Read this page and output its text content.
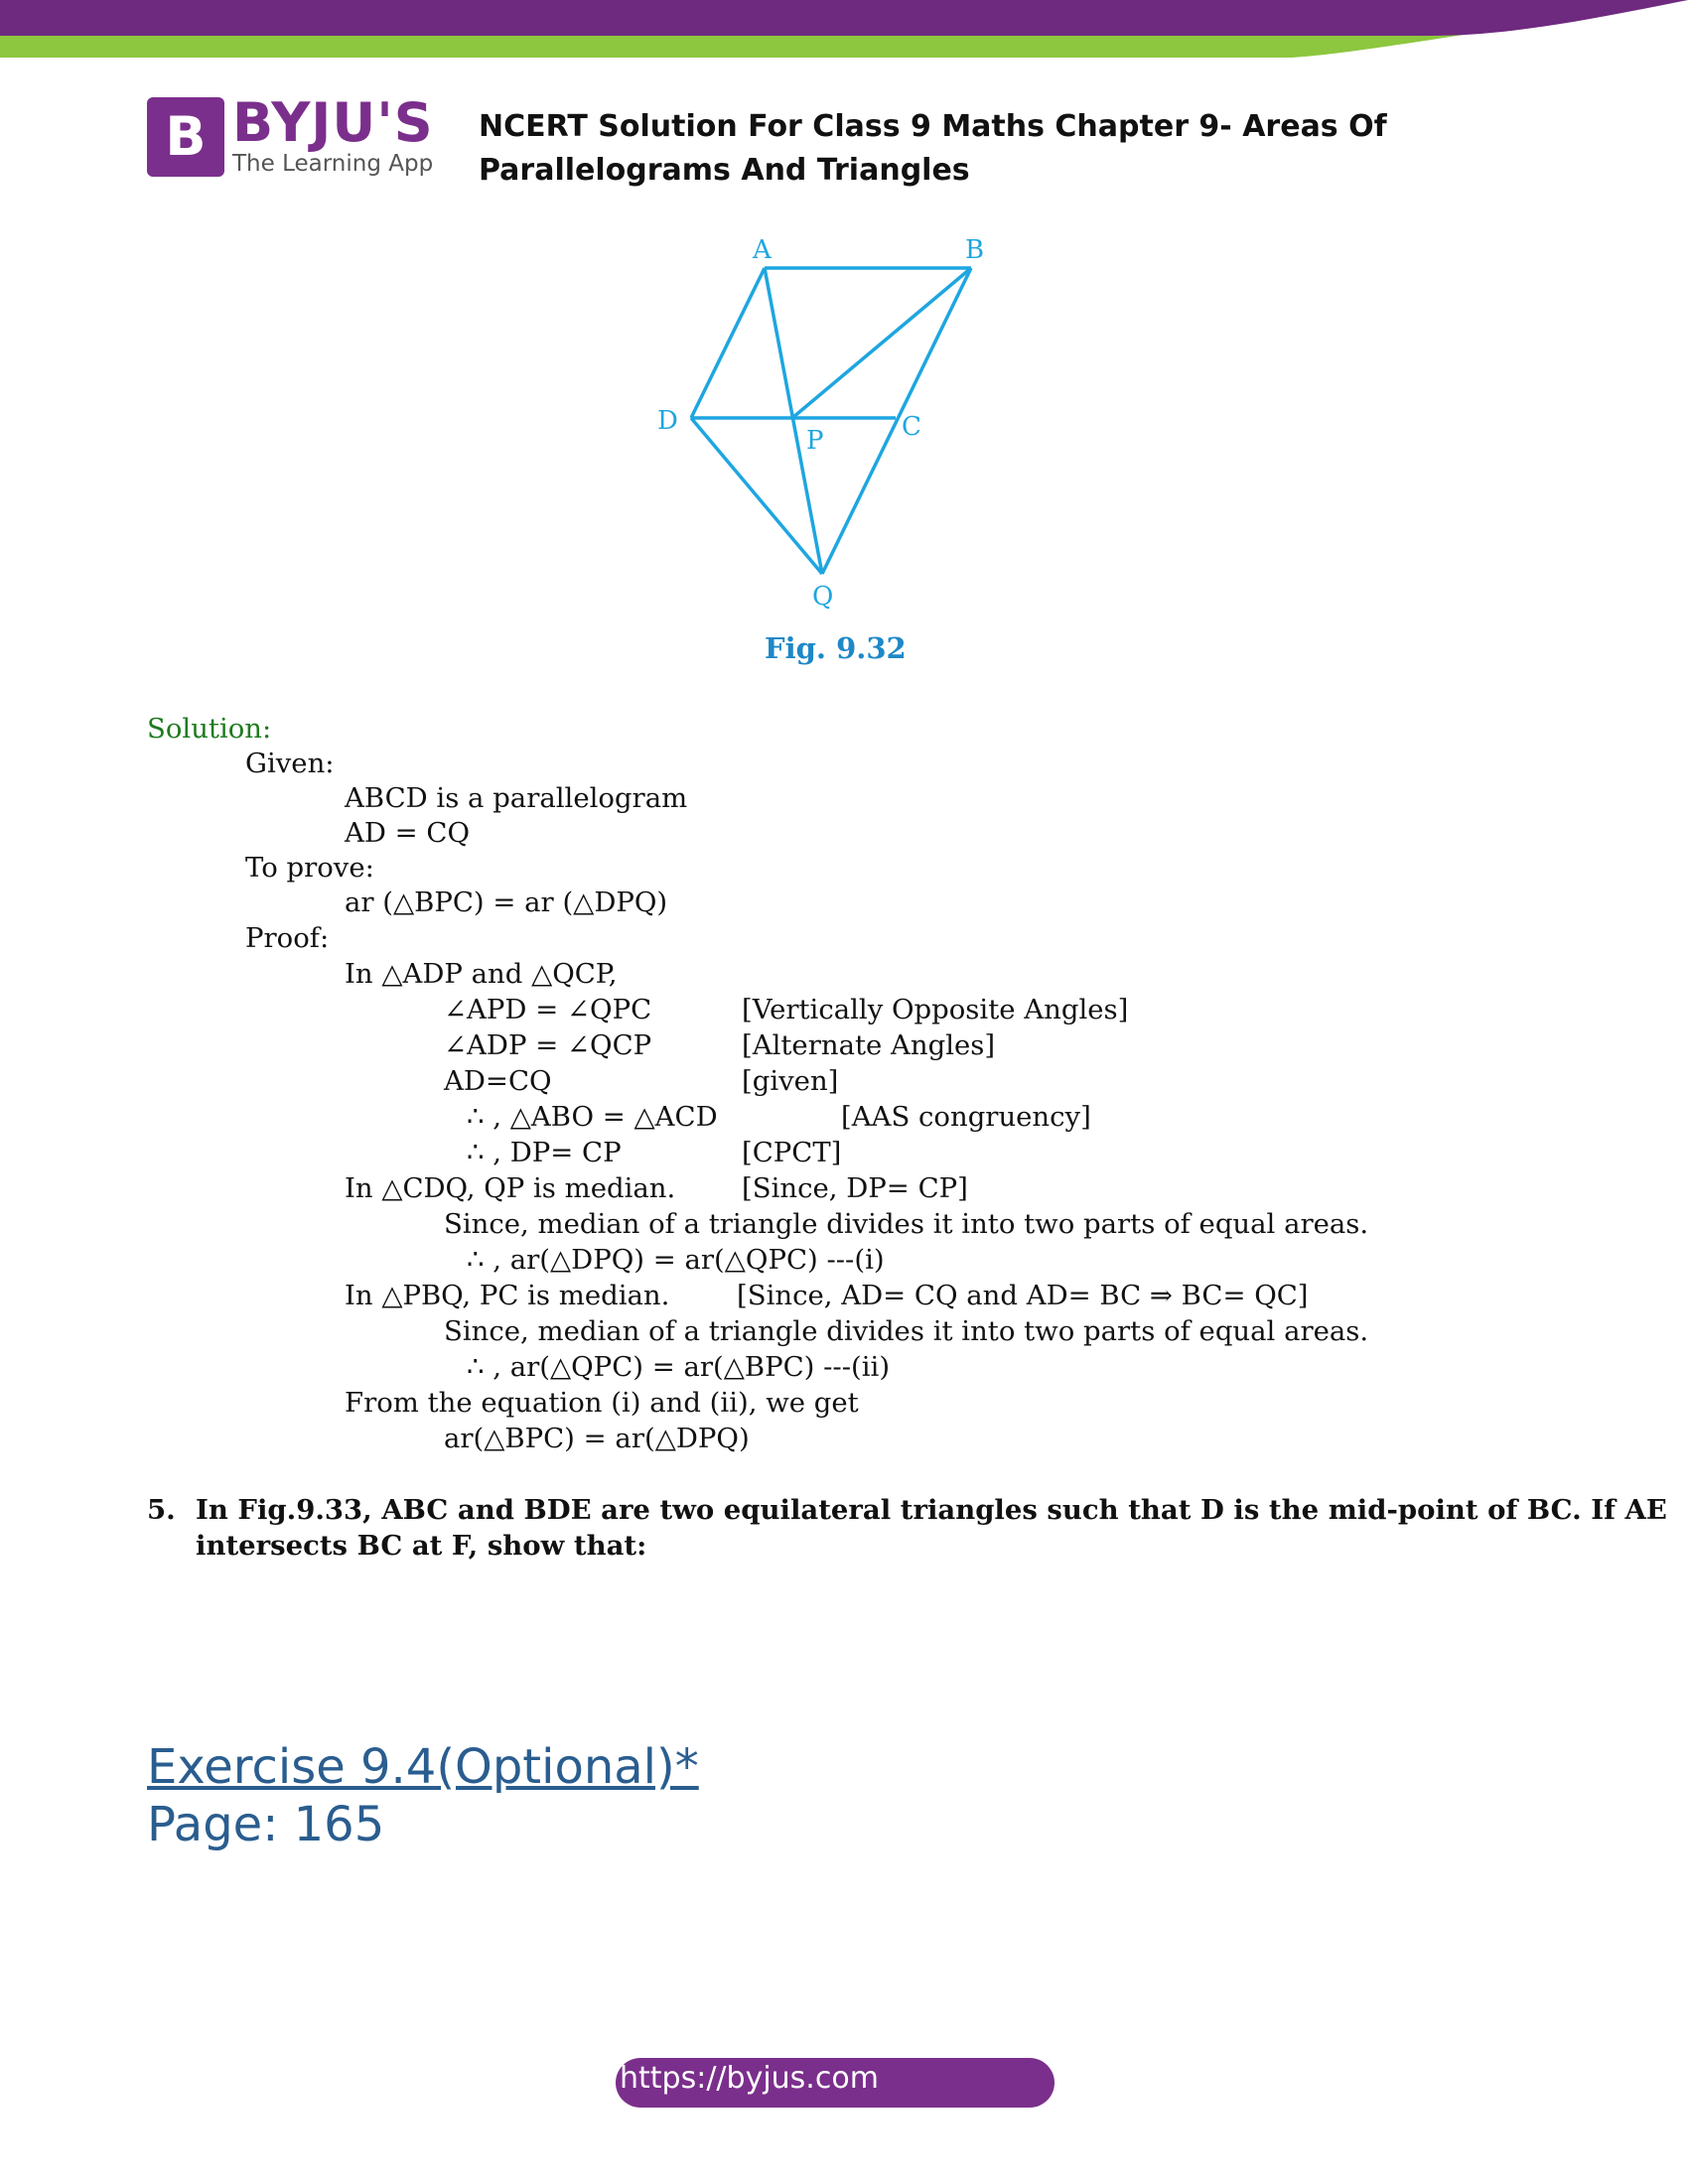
B BYJU'S
The Learning App
NCERT Solution For Class 9 Maths Chapter 9- Areas Of Parallelograms And Triangles
A	B
C
D
P
Q
Fig. 9.32
Solution:
Given:
ABCD is a parallelogram
AD = CQ
To prove:
ar (△BPC) = ar (△DPQ)
Proof:
In △ADP and △QCP,
∠APD = ∠QPC	[Vertically Opposite Angles]
∠ADP = ∠QCP	[Alternate Angles]
AD=CQ	[given]
∴ , △ABO = △ACD	[AAS congruency]
∴ , DP= CP	[CPCT]
In △CDQ, QP is median. [Since, DP= CP]
Since, median of a triangle divides it into two parts of equal areas.
∴ , ar(△DPQ) = ar(△QPC) ---(i)
In △PBQ, PC is median. [Since, AD= CQ and AD= BC ⇒ BC= QC]
Since, median of a triangle divides it into two parts of equal areas.
∴ , ar(△QPC) = ar(△BPC) ---(ii)
From the equation (i) and (ii), we get
ar(△BPC) = ar(△DPQ)
5. In Fig.9.33, ABC and BDE are two equilateral triangles such that D is the mid-point of BC. If AE
intersects BC at F, show that:
Exercise 9.4(Optional)*
Page: 165
https://byjus.com
